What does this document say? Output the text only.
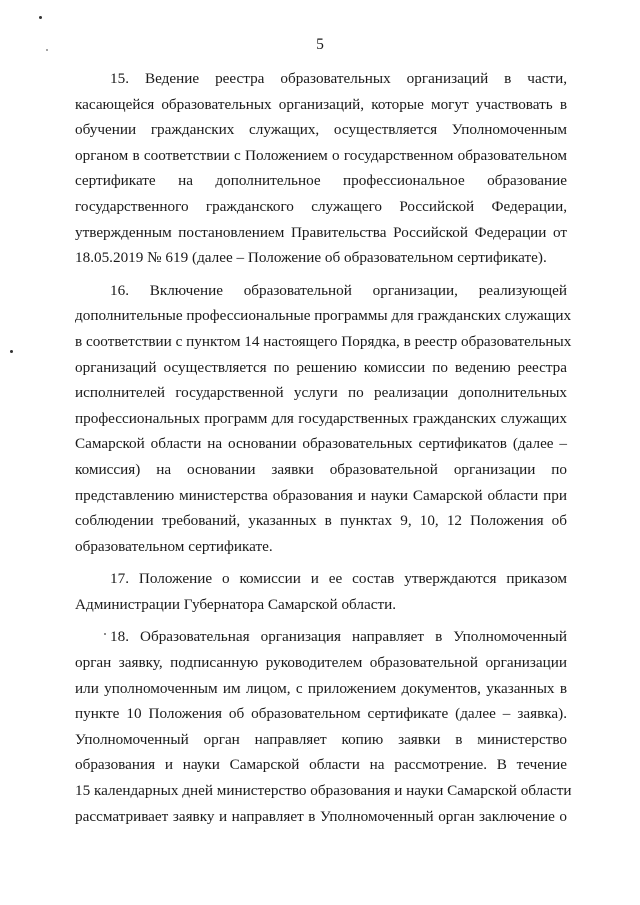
5
15. Ведение реестра образовательных организаций в части,
касающейся образовательных организаций, которые могут участвовать в
обучении гражданских служащих, осуществляется Уполномоченным
органом в соответствии с Положением о государственном образовательном
сертификате на дополнительное профессиональное образование
государственного гражданского служащего Российской Федерации,
утвержденным постановлением Правительства Российской Федерации от
18.05.2019 № 619 (далее – Положение об образовательном сертификате).
16. Включение образовательной организации, реализующей
дополнительные профессиональные программы для гражданских служащих
в соответствии с пунктом 14 настоящего Порядка, в реестр образовательных
организаций осуществляется по решению комиссии по ведению реестра
исполнителей государственной услуги по реализации дополнительных
профессиональных программ для государственных гражданских служащих
Самарской области на основании образовательных сертификатов (далее –
комиссия) на основании заявки образовательной организации по
представлению министерства образования и науки Самарской области при
соблюдении требований, указанных в пунктах 9, 10, 12 Положения об
образовательном сертификате.
17. Положение о комиссии и ее состав утверждаются приказом
Администрации Губернатора Самарской области.
18. Образовательная организация направляет в Уполномоченный
орган заявку, подписанную руководителем образовательной организации
или уполномоченным им лицом, с приложением документов, указанных в
пункте 10 Положения об образовательном сертификате (далее – заявка).
Уполномоченный орган направляет копию заявки в министерство
образования и науки Самарской области на рассмотрение. В течение
15 календарных дней министерство образования и науки Самарской области
рассматривает заявку и направляет в Уполномоченный орган заключение о
